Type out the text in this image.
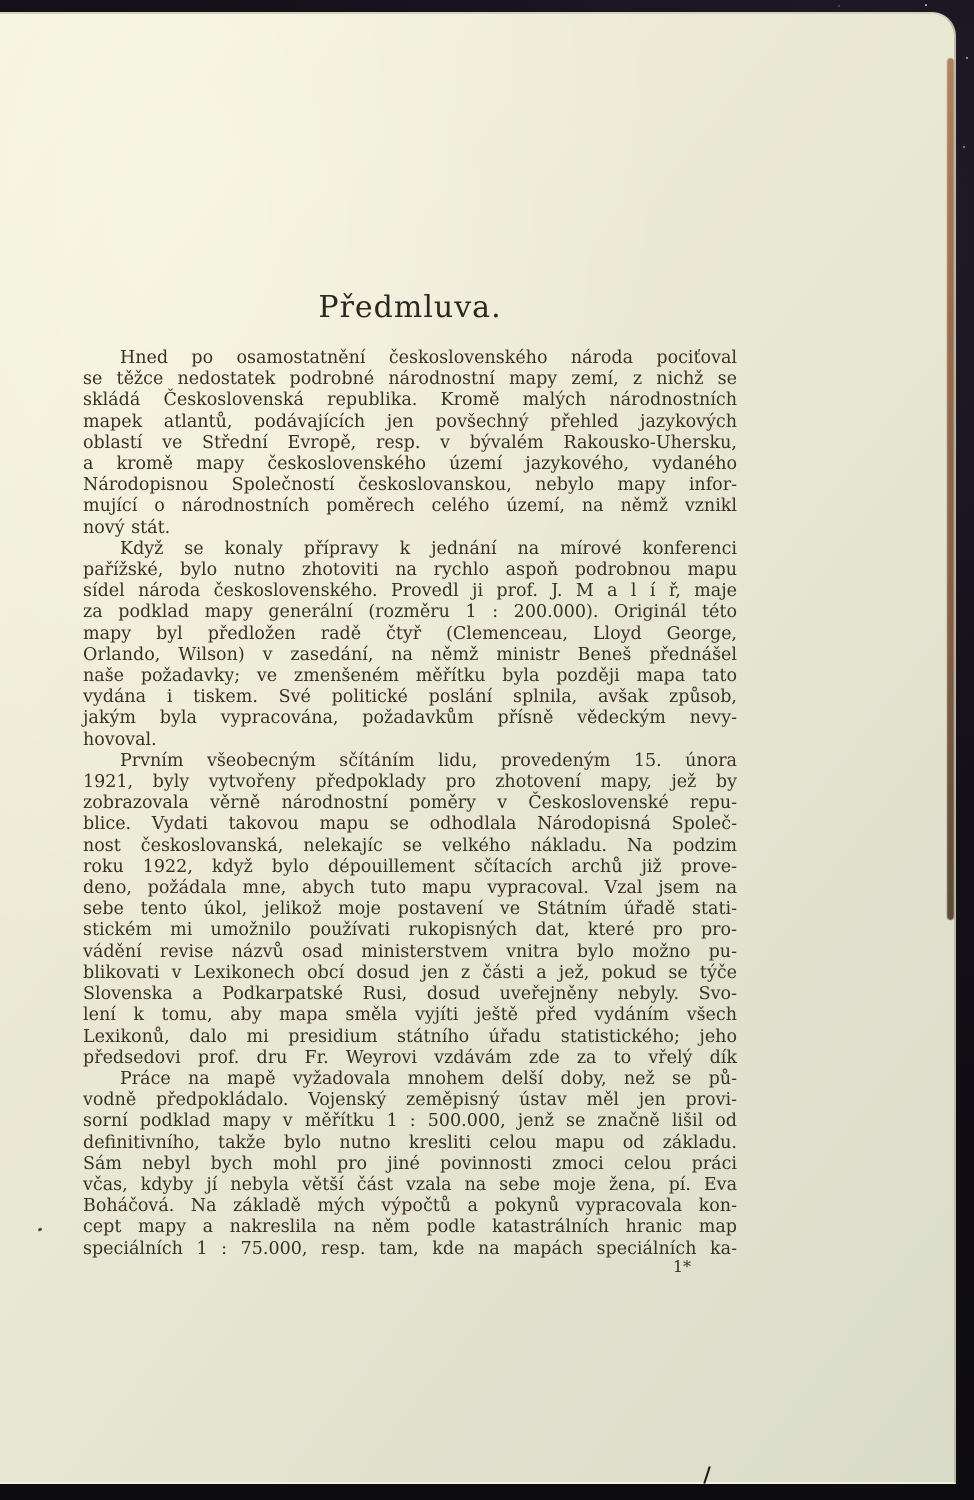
Předmluva.
Hned po osamostatnění československého národa pociťoval
se těžce nedostatek podrobné národnostní mapy zemí, z nichž se
skládá Československá republika. Kromě malých národnostních
mapek atlantů, podávajících jen povšechný přehled jazykových
oblastí ve Střední Evropě, resp. v bývalém Rakousko-Uhersku,
a kromě mapy československého území jazykového, vydaného
Národopisnou Společností českoslovanskou, nebylo mapy infor-
mující o národnostních poměrech celého území, na němž vznikl
nový stát.
Když se konaly přípravy k jednání na mírové konferenci
pařížské, bylo nutno zhotoviti na rychlo aspoň podrobnou mapu
sídel národa československého. Provedl ji prof. J. M a l í ř, maje
za podklad mapy generální (rozměru 1 : 200.000). Originál této
mapy byl předložen radě čtyř (Clemenceau, Lloyd George,
Orlando, Wilson) v zasedání, na němž ministr Beneš přednášel
naše požadavky; ve zmenšeném měřítku byla později mapa tato
vydána i tiskem. Své politické poslání splnila, avšak způsob,
jakým byla vypracována, požadavkům přísně vědeckým nevy-
hovoval.
Prvním všeobecným sčítáním lidu, provedeným 15. února
1921, byly vytvořeny předpoklady pro zhotovení mapy, jež by
zobrazovala věrně národnostní poměry v Československé repu-
blice. Vydati takovou mapu se odhodlala Národopisná Společ-
nost českoslovanská, nelekajíc se velkého nákladu. Na podzim
roku 1922, když bylo dépouillement sčítacích archů již prove-
deno, požádala mne, abych tuto mapu vypracoval. Vzal jsem na
sebe tento úkol, jelikož moje postavení ve Státním úřadě stati-
stickém mi umožnilo používati rukopisných dat, které pro pro-
vádění revise názvů osad ministerstvem vnitra bylo možno pu-
blikovati v Lexikonech obcí dosud jen z části a jež, pokud se týče
Slovenska a Podkarpatské Rusi, dosud uveřejněny nebyly. Svo-
lení k tomu, aby mapa směla vyjíti ještě před vydáním všech
Lexikonů, dalo mi presidium státního úřadu statistického; jeho
předsedovi prof. dru Fr. Weyrovi vzdávám zde za to vřelý dík
Práce na mapě vyžadovala mnohem delší doby, než se pů-
vodně předpokládalo. Vojenský zeměpisný ústav měl jen provi-
sorní podklad mapy v měřítku 1 : 500.000, jenž se značně lišil od
definitivního, takže bylo nutno kresliti celou mapu od základu.
Sám nebyl bych mohl pro jiné povinnosti zmoci celou práci
včas, kdyby jí nebyla větší část vzala na sebe moje žena, pí. Eva
Boháčová. Na základě mých výpočtů a pokynů vypracovala kon-
cept mapy a nakreslila na něm podle katastrálních hranic map
speciálních 1 : 75.000, resp. tam, kde na mapách speciálních ka-
1*
